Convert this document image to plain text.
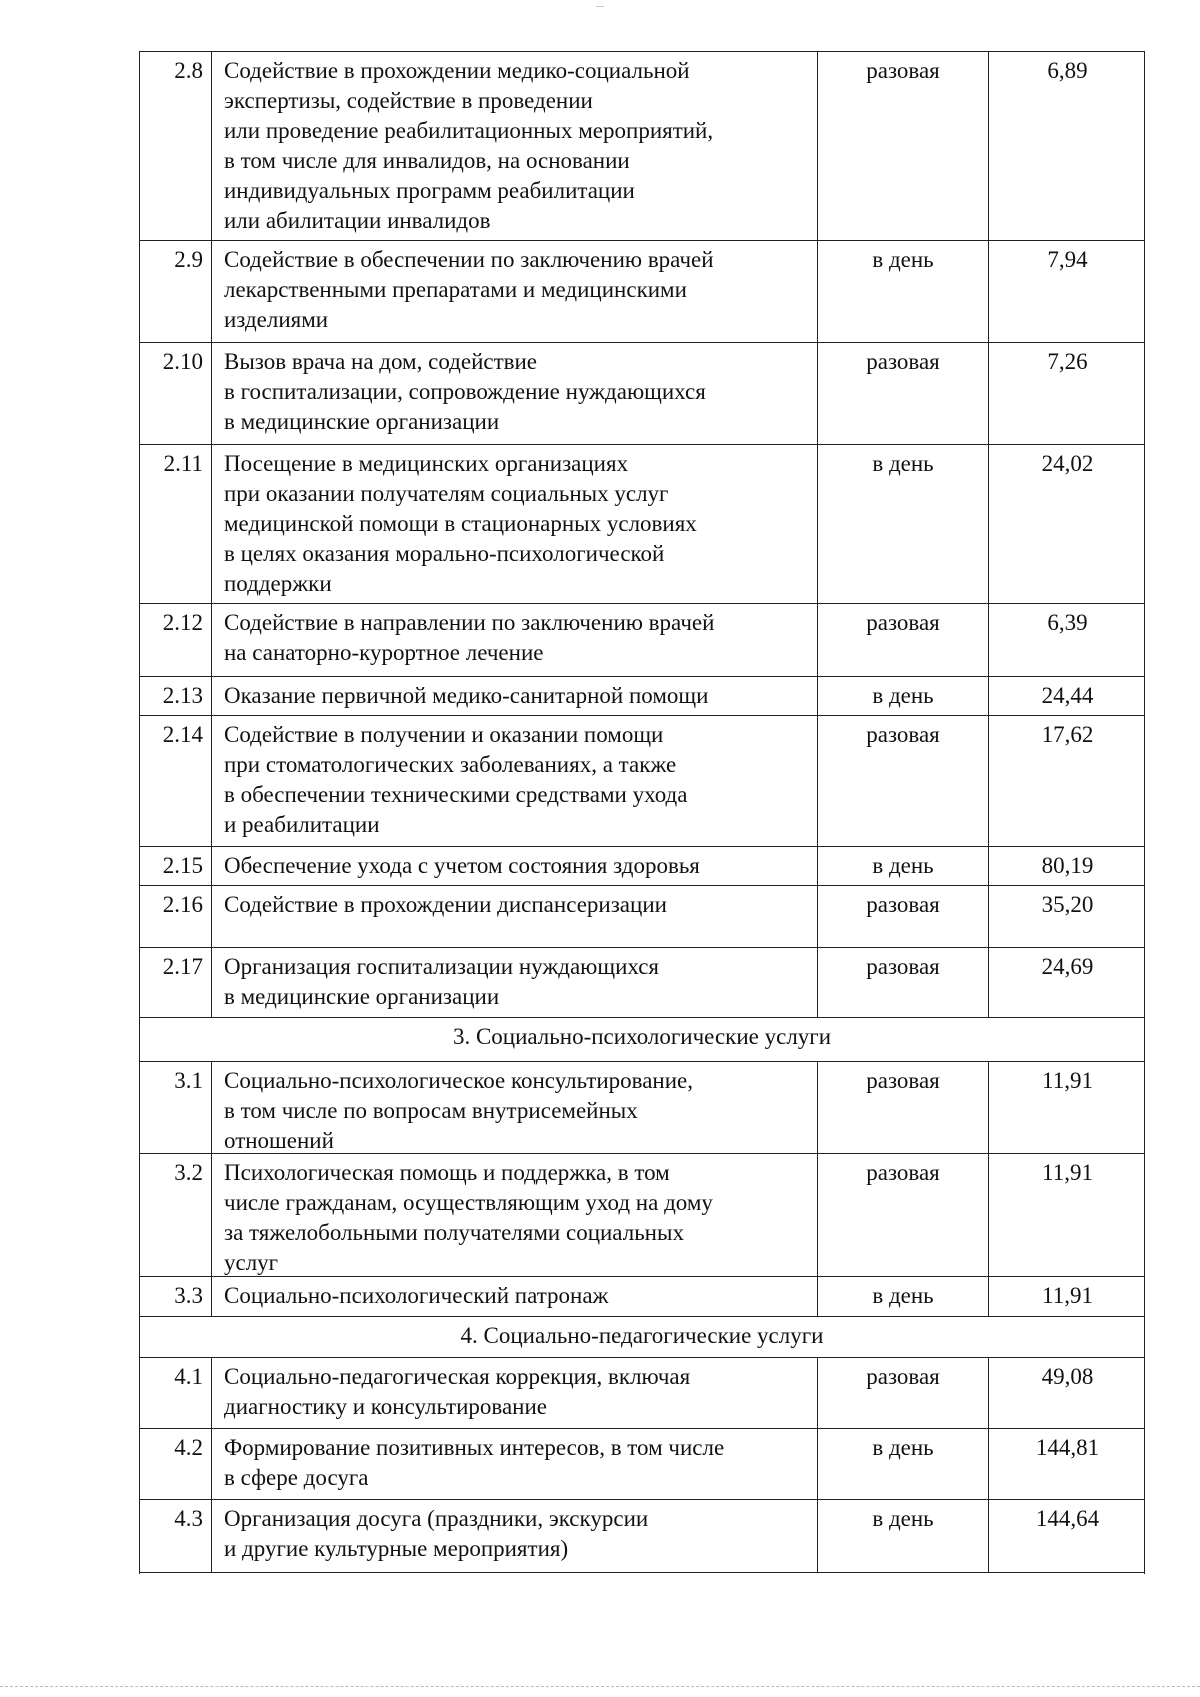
2.8 Содействие в прохождении медико-социальной
экспертизы, содействие в проведении
или проведение реабилитационных мероприятий,
в том числе для инвалидов, на основании
индивидуальных программ реабилитации
или абилитации инвалидов
разовая	6,89
2.9 Содействие в обеспечении по заключению врачей
лекарственными препаратами и медицинскими
изделиями
в день	7,94
2.10 Вызов врача на дом, содействие
в госпитализации, сопровождение нуждающихся
в медицинские организации
разовая	7,26
2.11 Посещение в медицинских организациях
при оказании получателям социальных услуг
медицинской помощи в стационарных условиях
в целях оказания морально-психологической
поддержки
в день	24,02
2.12 Содействие в направлении по заключению врачей
на санаторно-курортное лечение
разовая	6,39
2.13 Оказание первичной медико-санитарной помощи	в день	24,44
2.14 Содействие в получении и оказании помощи
при стоматологических заболеваниях, а также
в обеспечении техническими средствами ухода
и реабилитации
разовая	17,62
2.15 Обеспечение ухода с учетом состояния здоровья	в день	80,19
2.16 Содействие в прохождении диспансеризации	разовая	35,20
2.17 Организация госпитализации нуждающихся
в медицинские организации
разовая	24,69
3. Социально-психологические услуги
3.1 Социально-психологическое консультирование,
в том числе по вопросам внутрисемейных
отношений
разовая	11,91
3.2 Психологическая помощь и поддержка, в том
числе гражданам, осуществляющим уход на дому
за тяжелобольными получателями социальных
услуг
разовая	11,91
3.3 Социально-психологический патронаж	в день	11,91
4. Социально-педагогические услуги
4.1 Социально-педагогическая коррекция, включая
диагностику и консультирование
разовая	49,08
4.2 Формирование позитивных интересов, в том числе
в сфере досуга
в день	144,81
4.3 Организация досуга (праздники, экскурсии
и другие культурные мероприятия)
в день	144,64
